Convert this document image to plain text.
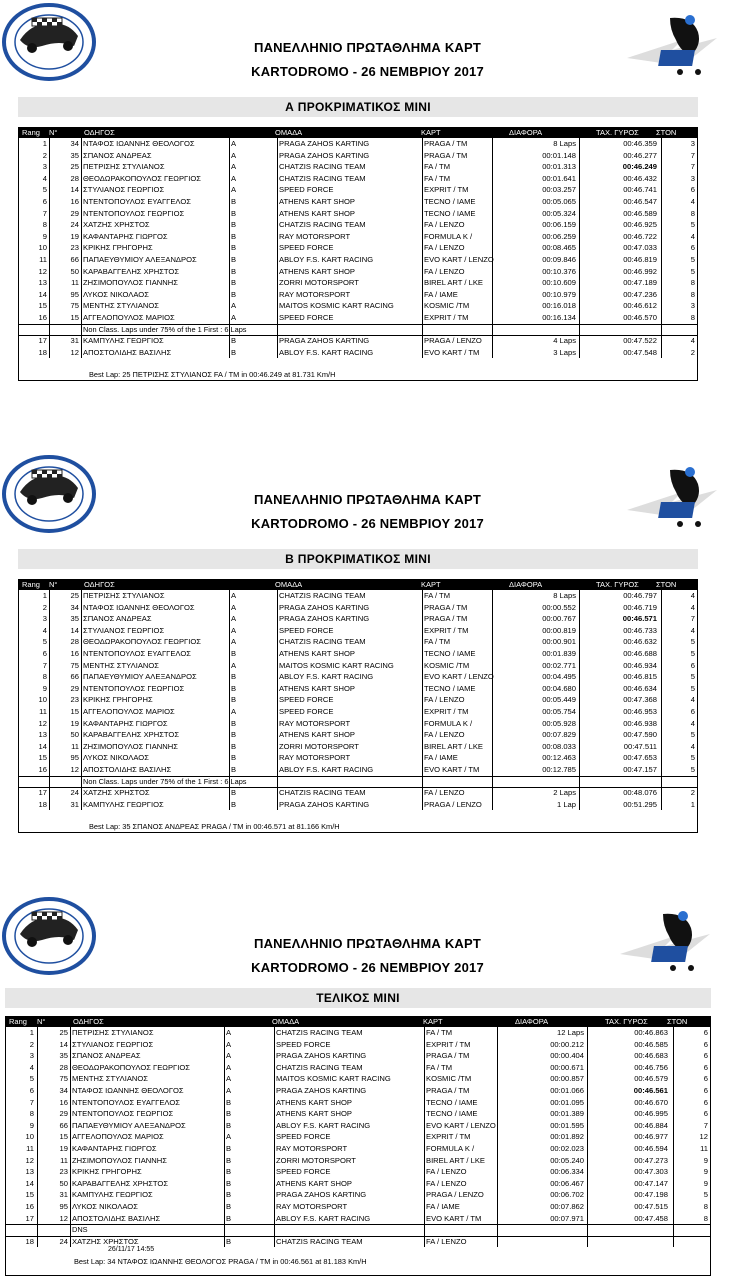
ΠΑΝΕΛΛΗΝΙΟ ΠΡΩΤΑΘΛΗΜΑ ΚΑΡΤ
KARTODROMO - 26 ΝΕΜΒΡΙΟΥ 2017
Α ΠΡΟΚΡΙΜΑΤΙΚΟΣ ΜΙΝΙ
Rang N°	ΟΔΗΓΟΣ	ΟΜΑΔΑ	ΚΑΡΤ	ΔΙΑΦΟΡΑ	ΤΑΧ. ΓΥΡΟΣ ΣΤΟΝ
1	34 ΝΤΑΦΟΣ ΙΩΑΝΝΗΣ ΘΕΟΛΟΓΟΣ	A	PRAGA ZAHOS KARTING	PRAGA / TM	8 Laps	00:46.359	3
2	35 ΣΠΑΝΟΣ ΑΝΔΡΕΑΣ	A	PRAGA ZAHOS KARTING	PRAGA / TM	00:01.148	00:46.277	7
3	25 ΠΕΤΡΙΣΗΣ ΣΤΥΛΙΑΝΟΣ	A	CHATZIS RACING TEAM	FA / TM	00:01.313	00:46.249	7
4	28 ΘΕΟΔΩΡΑΚΟΠΟΥΛΟΣ ΓΕΩΡΓΙΟΣ	A	CHATZIS RACING TEAM	FA / TM	00:01.641	00:46.432	3
5	14 ΣΤΥΛΙΑΝΟΣ ΓΕΩΡΓΙΟΣ	A	SPEED FORCE	EXPRIT / TM	00:03.257	00:46.741	6
6	16 ΝΤΕΝΤΟΠΟΥΛΟΣ ΕΥΑΓΓΕΛΟΣ	B	ATHENS KART SHOP	TECNO / IAME	00:05.065	00:46.547	4
7	29 ΝΤΕΝΤΟΠΟΥΛΟΣ ΓΕΩΡΓΙΟΣ	B	ATHENS KART SHOP	TECNO / IAME	00:05.324	00:46.589	8
8	24 ΧΑΤΖΗΣ ΧΡΗΣΤΟΣ	B	CHATZIS RACING TEAM	FA / LENZO	00:06.159	00:46.925	5
9	19 ΚΑΦΑΝΤΑΡΗΣ ΓΙΩΡΓΟΣ	B	RAY MOTORSPORT	FORMULA K /	00:06.259	00:46.722	4
10	23 ΚΡΙΚΗΣ ΓΡΗΓΟΡΗΣ	B	SPEED FORCE	FA / LENZO	00:08.465	00:47.033	6
11	66 ΠΑΠΑΕΥΘΥΜΙΟΥ ΑΛΕΞΑΝΔΡΟΣ	B	ABLOY F.S. KART RACING	EVO KART / LENZO	00:09.846	00:46.819	5
12	50 ΚΑΡΑΒΑΓΓΕΛΗΣ ΧΡΗΣΤΟΣ	B	ATHENS KART SHOP	FA / LENZO	00:10.376	00:46.992	5
13	11 ΖΗΣΙΜΟΠΟΥΛΟΣ ΓΙΑΝΝΗΣ	B	ZORRI MOTORSPORT	BIREL ART / LKE	00:10.609	00:47.189	8
14	95 ΛΥΚΟΣ ΝΙΚΟΛΑΟΣ	B	RAY MOTORSPORT	FA / IAME	00:10.979	00:47.236	8
15	75 ΜΕΝΤΗΣ ΣΤΥΛΙΑΝΟΣ	A	MAITOS KOSMIC KART RACING	KOSMIC /TM	00:16.018	00:46.612	3
16	15 ΑΓΓΕΛΟΠΟΥΛΟΣ ΜΑΡΙΟΣ	A	SPEED FORCE	EXPRIT / TM	00:16.134	00:46.570	8
Non Class. Laps under 75% of the 1 First : 6 Laps
17	31 ΚΑΜΠΥΛΗΣ ΓΕΩΡΓΙΟΣ	B	PRAGA ZAHOS KARTING	PRAGA / LENZO	4 Laps	00:47.522	4
18	12 ΑΠΟΣΤΟΛΙΔΗΣ ΒΑΣΙΛΗΣ	B	ABLOY F.S. KART RACING	EVO KART / TM	3 Laps	00:47.548	2
Best Lap: 25 ΠΕΤΡΙΣΗΣ ΣΤΥΛΙΑΝΟΣ FA / TM in 00:46.249 at 81.731 Km/H
ΠΑΝΕΛΛΗΝΙΟ ΠΡΩΤΑΘΛΗΜΑ ΚΑΡΤ
KARTODROMO - 26 ΝΕΜΒΡΙΟΥ 2017
Β ΠΡΟΚΡΙΜΑΤΙΚΟΣ ΜΙΝΙ
Rang N°	ΟΔΗΓΟΣ	ΟΜΑΔΑ	ΚΑΡΤ	ΔΙΑΦΟΡΑ	ΤΑΧ. ΓΥΡΟΣ ΣΤΟΝ
1	25 ΠΕΤΡΙΣΗΣ ΣΤΥΛΙΑΝΟΣ	A	CHATZIS RACING TEAM	FA / TM	8 Laps	00:46.797	4
2	34 ΝΤΑΦΟΣ ΙΩΑΝΝΗΣ ΘΕΟΛΟΓΟΣ	A	PRAGA ZAHOS KARTING	PRAGA / TM	00:00.552	00:46.719	4
3	35 ΣΠΑΝΟΣ ΑΝΔΡΕΑΣ	A	PRAGA ZAHOS KARTING	PRAGA / TM	00:00.767	00:46.571	7
4	14 ΣΤΥΛΙΑΝΟΣ ΓΕΩΡΓΙΟΣ	A	SPEED FORCE	EXPRIT / TM	00:00.819	00:46.733	4
5	28 ΘΕΟΔΩΡΑΚΟΠΟΥΛΟΣ ΓΕΩΡΓΙΟΣ	A	CHATZIS RACING TEAM	FA / TM	00:00.901	00:46.632	5
6	16 ΝΤΕΝΤΟΠΟΥΛΟΣ ΕΥΑΓΓΕΛΟΣ	B	ATHENS KART SHOP	TECNO / IAME	00:01.839	00:46.688	5
7	75 ΜΕΝΤΗΣ ΣΤΥΛΙΑΝΟΣ	A	MAITOS KOSMIC KART RACING	KOSMIC /TM	00:02.771	00:46.934	6
8	66 ΠΑΠΑΕΥΘΥΜΙΟΥ ΑΛΕΞΑΝΔΡΟΣ	B	ABLOY F.S. KART RACING	EVO KART / LENZO	00:04.495	00:46.815	5
9	29 ΝΤΕΝΤΟΠΟΥΛΟΣ ΓΕΩΡΓΙΟΣ	B	ATHENS KART SHOP	TECNO / IAME	00:04.680	00:46.634	5
10	23 ΚΡΙΚΗΣ ΓΡΗΓΟΡΗΣ	B	SPEED FORCE	FA / LENZO	00:05.449	00:47.368	4
11	15 ΑΓΓΕΛΟΠΟΥΛΟΣ ΜΑΡΙΟΣ	A	SPEED FORCE	EXPRIT / TM	00:05.754	00:46.953	6
12	19 ΚΑΦΑΝΤΑΡΗΣ ΓΙΩΡΓΟΣ	B	RAY MOTORSPORT	FORMULA K /	00:05.928	00:46.938	4
13	50 ΚΑΡΑΒΑΓΓΕΛΗΣ ΧΡΗΣΤΟΣ	B	ATHENS KART SHOP	FA / LENZO	00:07.829	00:47.590	5
14	11 ΖΗΣΙΜΟΠΟΥΛΟΣ ΓΙΑΝΝΗΣ	B	ZORRI MOTORSPORT	BIREL ART / LKE	00:08.033	00:47.511	4
15	95 ΛΥΚΟΣ ΝΙΚΟΛΑΟΣ	B	RAY MOTORSPORT	FA / IAME	00:12.463	00:47.653	5
16	12 ΑΠΟΣΤΟΛΙΔΗΣ ΒΑΣΙΛΗΣ	B	ABLOY F.S. KART RACING	EVO KART / TM	00:12.785	00:47.157	5
Non Class. Laps under 75% of the 1 First : 6 Laps
17	24 ΧΑΤΖΗΣ ΧΡΗΣΤΟΣ	B	CHATZIS RACING TEAM	FA / LENZO	2 Laps	00:48.076	2
18	31 ΚΑΜΠΥΛΗΣ ΓΕΩΡΓΙΟΣ	B	PRAGA ZAHOS KARTING	PRAGA / LENZO	1 Lap	00:51.295	1
Best Lap: 35 ΣΠΑΝΟΣ ΑΝΔΡΕΑΣ PRAGA / TM in 00:46.571 at 81.166 Km/H
ΠΑΝΕΛΛΗΝΙΟ ΠΡΩΤΑΘΛΗΜΑ ΚΑΡΤ
KARTODROMO - 26 ΝΕΜΒΡΙΟΥ 2017
ΤΕΛΙΚΟΣ ΜΙΝΙ
Rang N°	ΟΔΗΓΟΣ	ΟΜΑΔΑ	ΚΑΡΤ	ΔΙΑΦΟΡΑ	ΤΑΧ. ΓΥΡΟΣ	ΣΤΟΝ
1	25 ΠΕΤΡΙΣΗΣ ΣΤΥΛΙΑΝΟΣ	A	CHATZIS RACING TEAM	FA / TM	12 Laps	00:46.863	6
2	14 ΣΤΥΛΙΑΝΟΣ ΓΕΩΡΓΙΟΣ	A	SPEED FORCE	EXPRIT / TM	00:00.212	00:46.585	6
3	35 ΣΠΑΝΟΣ ΑΝΔΡΕΑΣ	A	PRAGA ZAHOS KARTING	PRAGA / TM	00:00.404	00:46.683	6
4	28 ΘΕΟΔΩΡΑΚΟΠΟΥΛΟΣ ΓΕΩΡΓΙΟΣ	A	CHATZIS RACING TEAM	FA / TM	00:00.671	00:46.756	6
5	75 ΜΕΝΤΗΣ ΣΤΥΛΙΑΝΟΣ	A	MAITOS KOSMIC KART RACING	KOSMIC /TM	00:00.857	00:46.579	6
6	34 ΝΤΑΦΟΣ ΙΩΑΝΝΗΣ ΘΕΟΛΟΓΟΣ	A	PRAGA ZAHOS KARTING	PRAGA / TM	00:01.066	00:46.561	6
7	16 ΝΤΕΝΤΟΠΟΥΛΟΣ ΕΥΑΓΓΕΛΟΣ	B	ATHENS KART SHOP	TECNO / IAME	00:01.095	00:46.670	6
8	29 ΝΤΕΝΤΟΠΟΥΛΟΣ ΓΕΩΡΓΙΟΣ	B	ATHENS KART SHOP	TECNO / IAME	00:01.389	00:46.995	6
9	66 ΠΑΠΑΕΥΘΥΜΙΟΥ ΑΛΕΞΑΝΔΡΟΣ	B	ABLOY F.S. KART RACING	EVO KART / LENZO	00:01.595	00:46.884	7
10	15 ΑΓΓΕΛΟΠΟΥΛΟΣ ΜΑΡΙΟΣ	A	SPEED FORCE	EXPRIT / TM	00:01.892	00:46.977	12
11	19 ΚΑΦΑΝΤΑΡΗΣ ΓΙΩΡΓΟΣ	B	RAY MOTORSPORT	FORMULA K /	00:02.023	00:46.594	11
12	11 ΖΗΣΙΜΟΠΟΥΛΟΣ ΓΙΑΝΝΗΣ	B	ZORRI MOTORSPORT	BIREL ART / LKE	00:05.240	00:47.273	9
13	23 ΚΡΙΚΗΣ ΓΡΗΓΟΡΗΣ	B	SPEED FORCE	FA / LENZO	00:06.334	00:47.303	9
14	50 ΚΑΡΑΒΑΓΓΕΛΗΣ ΧΡΗΣΤΟΣ	B	ATHENS KART SHOP	FA / LENZO	00:06.467	00:47.147	9
15	31 ΚΑΜΠΥΛΗΣ ΓΕΩΡΓΙΟΣ	B	PRAGA ZAHOS KARTING	PRAGA / LENZO	00:06.702	00:47.198	5
16	95 ΛΥΚΟΣ ΝΙΚΟΛΑΟΣ	B	RAY MOTORSPORT	FA / IAME	00:07.862	00:47.515	8
17	12 ΑΠΟΣΤΟΛΙΔΗΣ ΒΑΣΙΛΗΣ	B	ABLOY F.S. KART RACING	EVO KART / TM	00:07.971	00:47.458	8
DNS
18	24 ΧΑΤΖΗΣ ΧΡΗΣΤΟΣ	B	CHATZIS RACING TEAM	FA / LENZO
26/11/17 14:55
Best Lap: 34 ΝΤΑΦΟΣ ΙΩΑΝΝΗΣ ΘΕΟΛΟΓΟΣ PRAGA / TM in 00:46.561 at 81.183 Km/H
